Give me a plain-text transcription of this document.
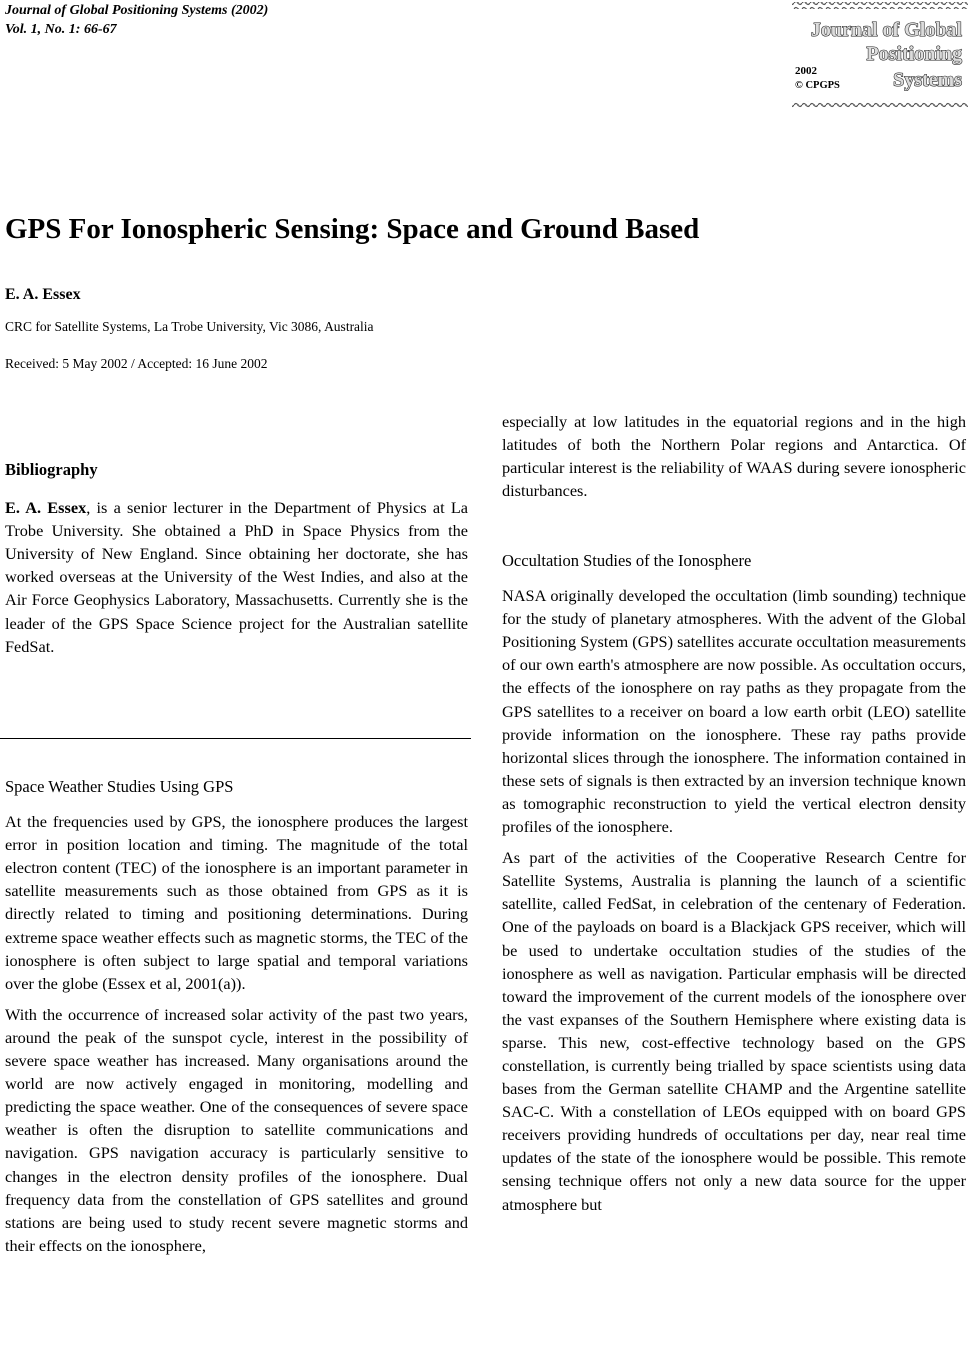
Journal of Global Positioning Systems (2002)
Vol. 1, No. 1: 66-67	Journal of Global
Positioning
Systems
2002
© CPGPS
GPS For Ionospheric Sensing: Space and Ground Based
E. A. Essex
CRC for Satellite Systems, La Trobe University, Vic 3086, Australia
Received: 5 May 2002 / Accepted: 16 June 2002

Bibliography

E. A. Essex, is a senior lecturer in the Department of Physics at La Trobe University. She obtained a PhD in Space Physics from the University of New England. Since obtaining her doctorate, she has worked overseas at the University of the West Indies, and also at the Air Force Geophysics Laboratory, Massachusetts. Currently she is the leader of the GPS Space Science project for the Australian satellite FedSat.

Space Weather Studies Using GPS

At the frequencies used by GPS, the ionosphere produces the largest error in position location and timing. The magnitude of the total electron content (TEC) of the ionosphere is an important parameter in satellite measurements such as those obtained from GPS as it is directly related to timing and positioning determinations. During extreme space weather effects such as magnetic storms, the TEC of the ionosphere is often subject to large spatial and temporal variations over the globe (Essex et al, 2001(a)).

With the occurrence of increased solar activity of the past two years, around the peak of the sunspot cycle, interest in the possibility of severe space weather has increased. Many organisations around the world are now actively engaged in monitoring, modelling and predicting the space weather. One of the consequences of severe space weather is often the disruption to satellite communications and navigation. GPS navigation accuracy is particularly sensitive to changes in the electron density profiles of the ionosphere. Dual frequency data from the constellation of GPS satellites and ground stations are being used to study recent severe magnetic storms and their effects on the ionosphere,

especially at low latitudes in the equatorial regions and in the high latitudes of both the Northern Polar regions and Antarctica. Of particular interest is the reliability of WAAS during severe ionospheric disturbances.

Occultation Studies of the Ionosphere

NASA originally developed the occultation (limb sounding) technique for the study of planetary atmospheres. With the advent of the Global Positioning System (GPS) satellites accurate occultation measurements of our own earth's atmosphere are now possible. As occultation occurs, the effects of the ionosphere on ray paths as they propagate from the GPS satellites to a receiver on board a low earth orbit (LEO) satellite provide information on the ionosphere. These ray paths provide horizontal slices through the ionosphere. The information contained in these sets of signals is then extracted by an inversion technique known as tomographic reconstruction to yield the vertical electron density profiles of the ionosphere.

As part of the activities of the Cooperative Research Centre for Satellite Systems, Australia is planning the launch of a scientific satellite, called FedSat, in celebration of the centenary of Federation. One of the payloads on board is a Blackjack GPS receiver, which will be used to undertake occultation studies of the studies of the ionosphere as well as navigation. Particular emphasis will be directed toward the improvement of the current models of the ionosphere over the vast expanses of the Southern Hemisphere where existing data is sparse. This new, cost-effective technology based on the GPS constellation, is currently being trialled by space scientists using data bases from the German satellite CHAMP and the Argentine satellite SAC-C. With a constellation of LEOs equipped with on board GPS receivers providing hundreds of occultations per day, near real time updates of the state of the ionosphere would be possible. This remote sensing technique offers not only a new data source for the upper atmosphere but
